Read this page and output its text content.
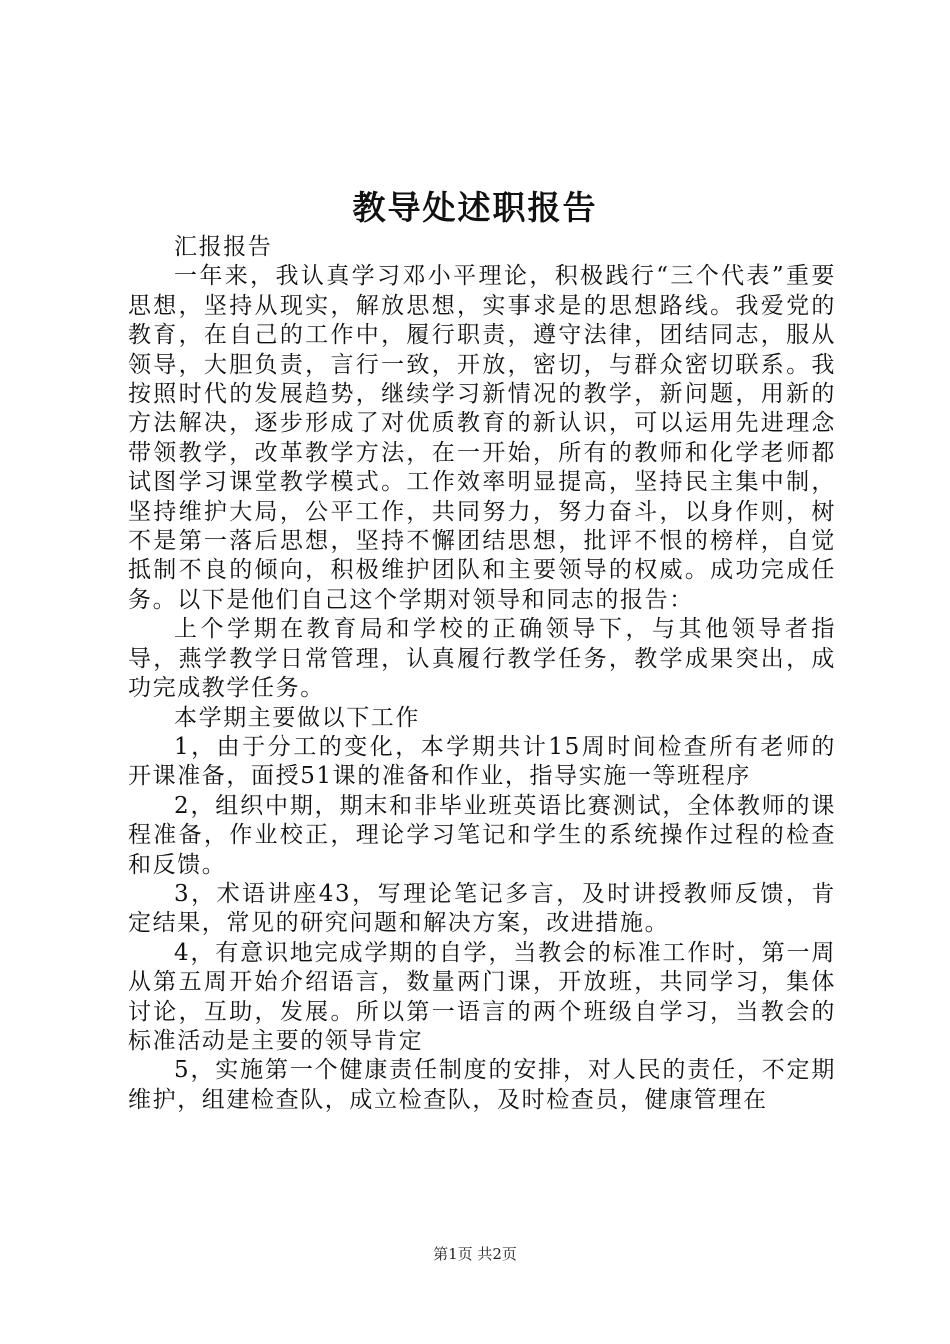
教导处述职报告

汇报报告

一年来，我认真学习邓小平理论，积极践行“三个代表”重要思想，坚持从现实，解放思想，实事求是的思想路线。我爱党的教育，在自己的工作中，履行职责，遵守法律，团结同志，服从领导，大胆负责，言行一致，开放，密切，与群众密切联系。我按照时代的发展趋势，继续学习新情况的教学，新问题，用新的方法解决，逐步形成了对优质教育的新认识，可以运用先进理念带领教学，改革教学方法，在一开始，所有的教师和化学老师都试图学习课堂教学模式。工作效率明显提高，坚持民主集中制，坚持维护大局，公平工作，共同努力，努力奋斗，以身作则，树不是第一落后思想，坚持不懈团结思想，批评不恨的榜样，自觉抵制不良的倾向，积极维护团队和主要领导的权威。成功完成任务。以下是他们自己这个学期对领导和同志的报告：

上个学期在教育局和学校的正确领导下，与其他领导者指导，燕学教学日常管理，认真履行教学任务，教学成果突出，成功完成教学任务。

本学期主要做以下工作

1，由于分工的变化，本学期共计15周时间检查所有老师的开课准备，面授51课的准备和作业，指导实施一等班程序

2，组织中期，期末和非毕业班英语比赛测试，全体教师的课程准备，作业校正，理论学习笔记和学生的系统操作过程的检查和反馈。

3，术语讲座43，写理论笔记多言，及时讲授教师反馈，肯定结果，常见的研究问题和解决方案，改进措施。

4，有意识地完成学期的自学，当教会的标准工作时，第一周从第五周开始介绍语言，数量两门课，开放班，共同学习，集体讨论，互助，发展。所以第一语言的两个班级自学习，当教会的标准活动是主要的领导肯定

5，实施第一个健康责任制度的安排，对人民的责任，不定期维护，组建检查队，成立检查队，及时检查员，健康管理在

第1页 共2页
